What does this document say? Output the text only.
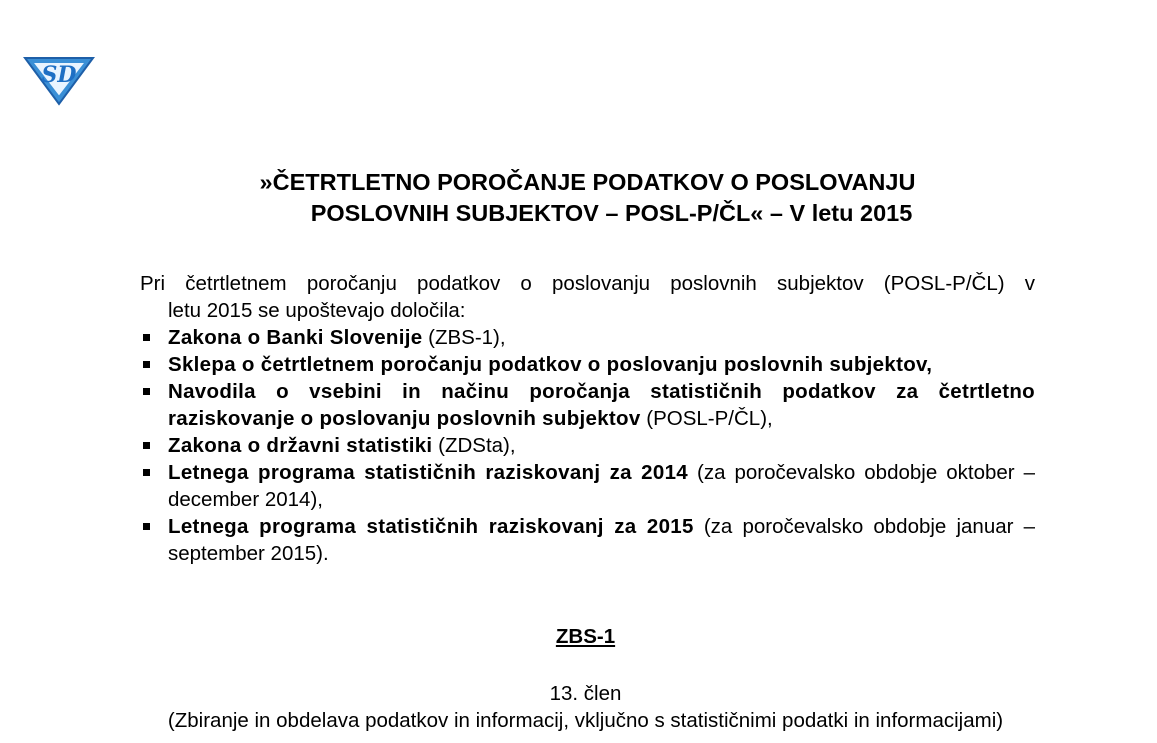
SD
»ČETRTLETNO POROČANJE PODATKOV O POSLOVANJU
POSLOVNIH SUBJEKTOV – POSL-P/ČL« – V letu 2015
Pri četrtletnem poročanju podatkov o poslovanju poslovnih subjektov (POSL-P/ČL) v
letu 2015 se upoštevajo določila:
Zakona o Banki Slovenije (ZBS-1),
Sklepa o četrtletnem poročanju podatkov o poslovanju poslovnih subjektov,
Navodila o vsebini in načinu poročanja statističnih podatkov za četrtletno raziskovanje o poslovanju poslovnih subjektov (POSL-P/ČL),
Zakona o državni statistiki (ZDSta),
Letnega programa statističnih raziskovanj za 2014 (za poročevalsko obdobje oktober – december 2014),
Letnega programa statističnih raziskovanj za 2015 (za poročevalsko obdobje januar – september 2015).
ZBS-1
13. člen
(Zbiranje in obdelava podatkov in informacij, vključno s statističnimi podatki in informacijami)
